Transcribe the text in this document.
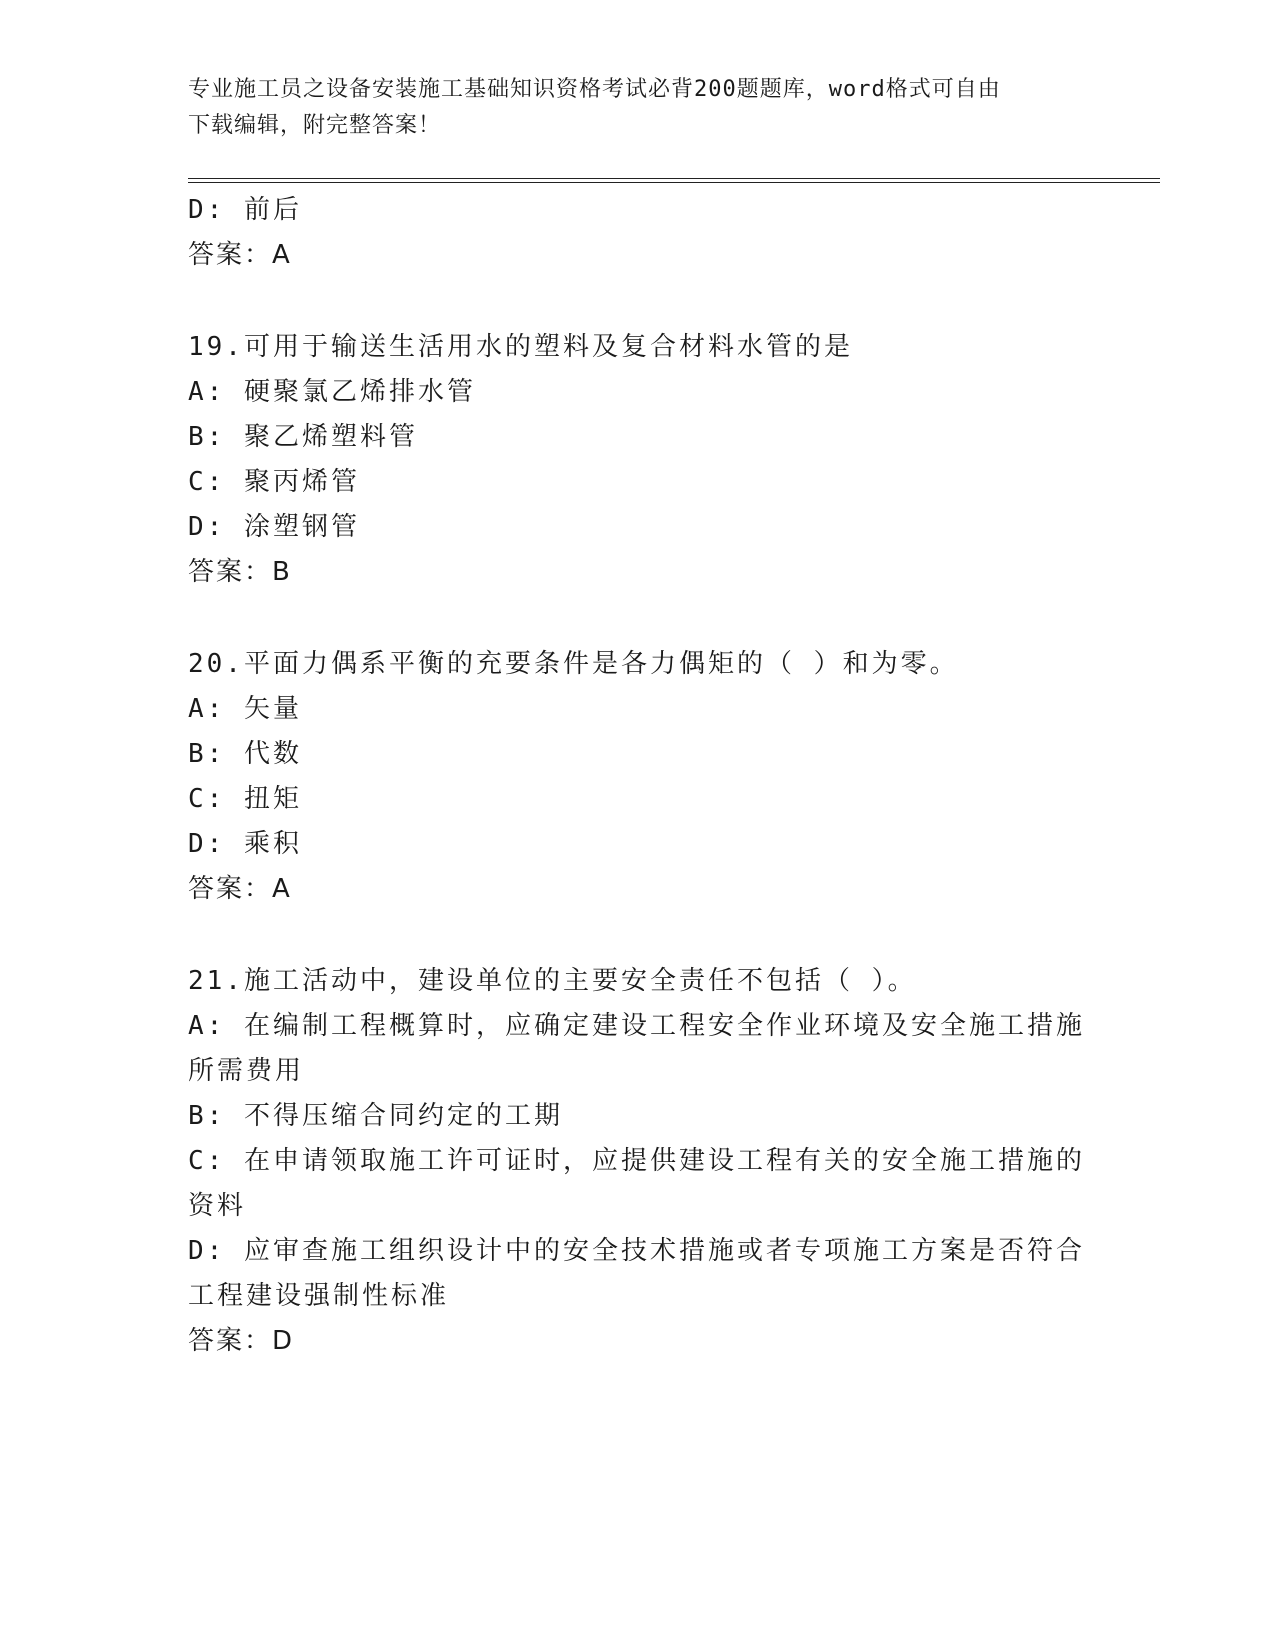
专业施工员之设备安装施工基础知识资格考试必背200题题库，word格式可自由
下载编辑，附完整答案！
D: 前后
答案：A
19.可用于输送生活用水的塑料及复合材料水管的是
A: 硬聚氯乙烯排水管
B: 聚乙烯塑料管
C: 聚丙烯管
D: 涂塑钢管
答案：B
20.平面力偶系平衡的充要条件是各力偶矩的（ ）和为零。
A: 矢量
B: 代数
C: 扭矩
D: 乘积
答案：A
21.施工活动中，建设单位的主要安全责任不包括（ ）。
A: 在编制工程概算时，应确定建设工程安全作业环境及安全施工措施所需费用
B: 不得压缩合同约定的工期
C: 在申请领取施工许可证时，应提供建设工程有关的安全施工措施的资料
D: 应审查施工组织设计中的安全技术措施或者专项施工方案是否符合工程建设强制性标准
答案：D
